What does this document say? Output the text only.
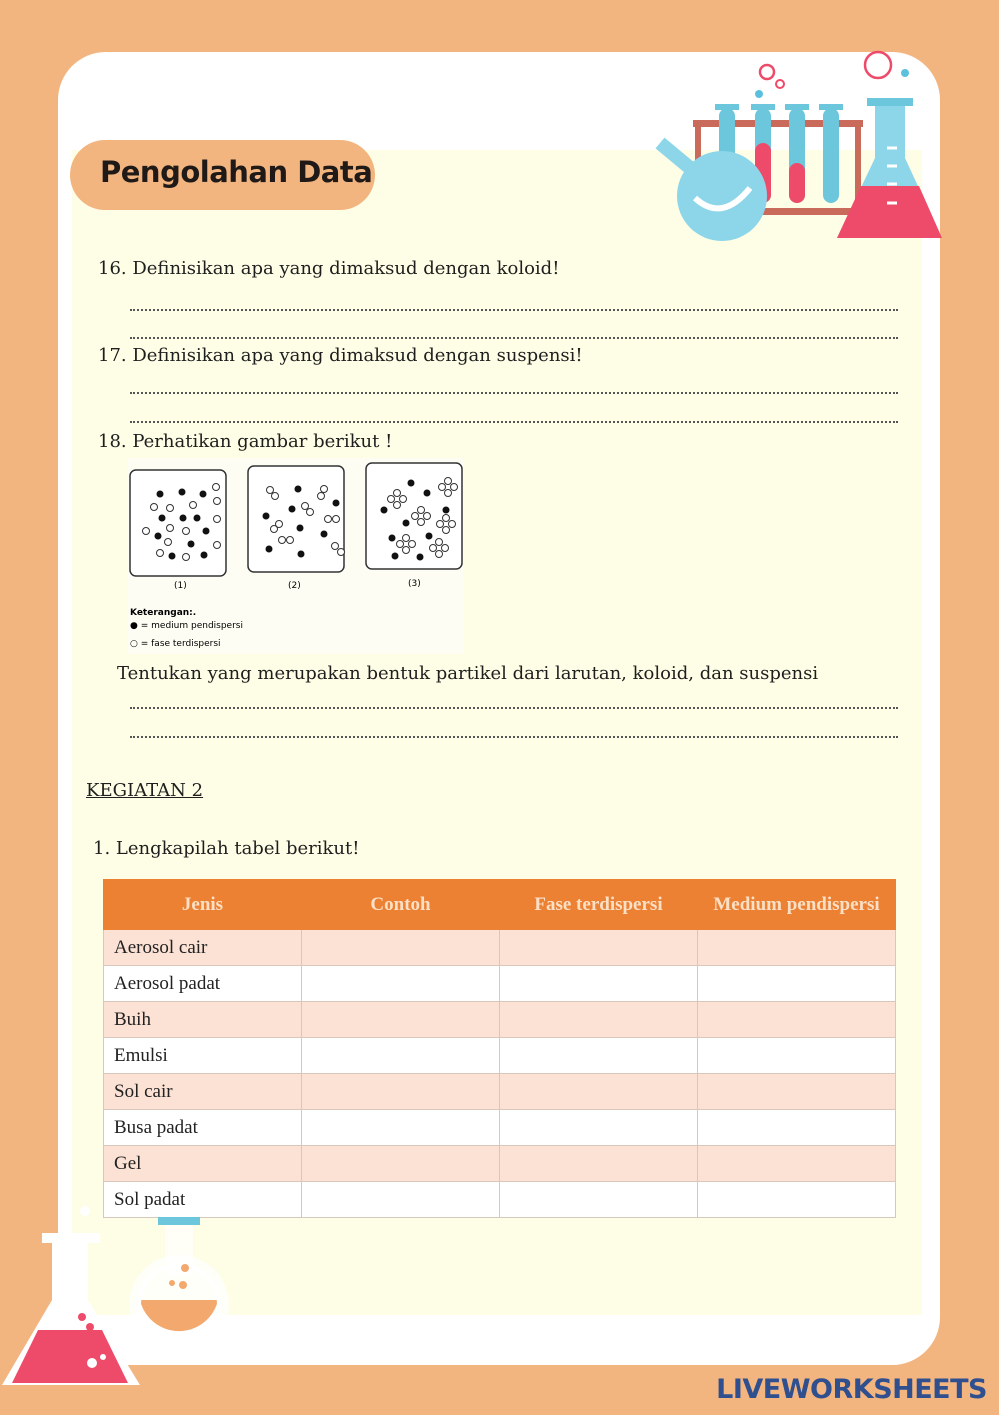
Pengolahan Data
16. Definisikan apa yang dimaksud dengan koloid!
17. Definisikan apa yang dimaksud dengan suspensi!
18. Perhatikan gambar berikut !
(1)	(2)	(3)
Keterangan:.
● = medium pendispersi
○ = fase terdispersi
Tentukan yang merupakan bentuk partikel dari larutan, koloid, dan suspensi
KEGIATAN 2
1. Lengkapilah tabel berikut!
Jenis	Contoh	Fase terdispersi	Medium pendispersi
Aerosol cair			
Aerosol padat			
Buih			
Emulsi			
Sol cair			
Busa padat			
Gel			
Sol padat			
LIVEWORKSHEETS
